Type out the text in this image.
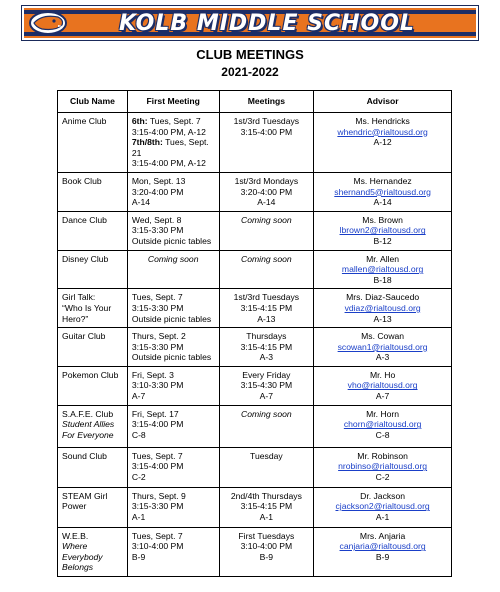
KOLB MIDDLE SCHOOL
CLUB MEETINGS
2021-2022
Club Name	First Meeting	Meetings	Advisor

Anime Club	6th: Tues, Sept. 7
3:15-4:00 PM, A-12
7th/8th: Tues, Sept. 21
3:15-4:00 PM, A-12	1st/3rd Tuesdays
3:15-4:00 PM	Ms. Hendricks
whendric@rialtousd.org
A-12

Book Club	Mon, Sept. 13
3:20-4:00 PM
A-14	1st/3rd Mondays
3:20-4:00 PM
A-14	Ms. Hernandez
shernand5@rialtousd.org
A-14

Dance Club	Wed, Sept. 8
3:15-3:30 PM
Outside picnic tables	Coming soon	Ms. Brown
lbrown2@rialtousd.org
B-12

Disney Club	Coming soon	Coming soon	Mr. Allen
mallen@rialtousd.org
B-18

Girl Talk:
“Who Is Your
Hero?”	Tues, Sept. 7
3:15-3:30 PM
Outside picnic tables	1st/3rd Tuesdays
3:15-4:15 PM
A-13	Mrs. Diaz-Saucedo
vdiaz@rialtousd.org
A-13

Guitar Club	Thurs, Sept. 2
3:15-3:30 PM
Outside picnic tables	Thursdays
3:15-4:15 PM
A-3	Ms. Cowan
scowan1@rialtousd.org
A-3

Pokemon Club	Fri, Sept. 3
3:10-3:30 PM
A-7	Every Friday
3:15-4:30 PM
A-7	Mr. Ho
vho@rialtousd.org
A-7

S.A.F.E. Club
Student Allies
For Everyone	Fri, Sept. 17
3:15-4:00 PM
C-8	Coming soon	Mr. Horn
chorn@rialtousd.org
C-8

Sound Club	Tues, Sept. 7
3:15-4:00 PM
C-2	Tuesday	Mr. Robinson
nrobinso@rialtousd.org
C-2

STEAM Girl
Power	Thurs, Sept. 9
3:15-3:30 PM
A-1	2nd/4th Thursdays
3:15-4:15 PM
A-1	Dr. Jackson
cjackson2@rialtousd.org
A-1

W.E.B.
Where
Everybody
Belongs	Tues, Sept. 7
3:10-4:00 PM
B-9	First Tuesdays
3:10-4:00 PM
B-9	Mrs. Anjaria
canjaria@rialtousd.org
B-9
